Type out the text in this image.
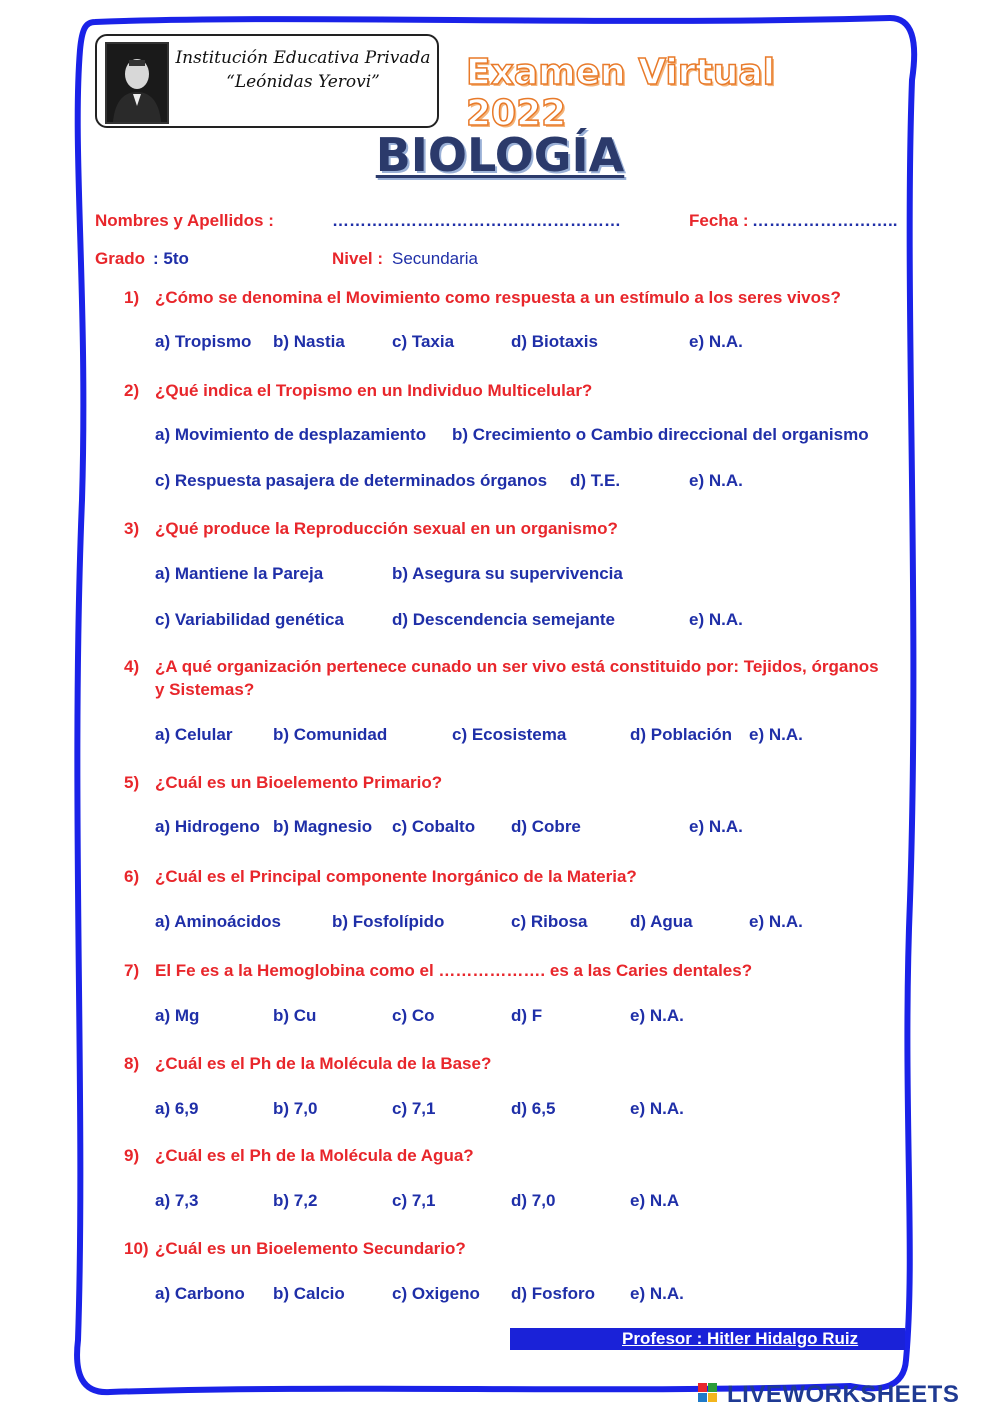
Institución Educativa Privada
“Leónidas Yerovi”	Examen Virtual 2022
BIOLOGÍA
Nombres y Apellidos :	……………………………………………	Fecha : ……………………..
Grado : 5to	Nivel : Secundaria
1) ¿Cómo se denomina el Movimiento como respuesta a un estímulo a los seres vivos?
a) Tropismo b) Nastia	c) Taxia	d) Biotaxis	e) N.A.
2) ¿Qué indica el Tropismo en un Individuo Multicelular?
a) Movimiento de desplazamiento b) Crecimiento o Cambio direccional del organismo
c) Respuesta pasajera de determinados órganos d) T.E.	e) N.A.
3) ¿Qué produce la Reproducción sexual en un organismo?
a) Mantiene la Pareja	b) Asegura su supervivencia
c) Variabilidad genética	d) Descendencia semejante	e) N.A.
4) ¿A qué organización pertenece cunado un ser vivo está constituido por: Tejidos, órganos y Sistemas?
a) Celular b) Comunidad	c) Ecosistema	d) Población e) N.A.
5) ¿Cuál es un Bioelemento Primario?
a) Hidrogeno b) Magnesio c) Cobalto d) Cobre	e) N.A.
6) ¿Cuál es el Principal componente Inorgánico de la Materia?
a) Aminoácidos	b) Fosfolípido	c) Ribosa d) Agua	e) N.A.
7) El Fe es a la Hemoglobina como el ………………. es a las Caries dentales?
a) Mg	b) Cu	c) Co	d) F	e) N.A.
8) ¿Cuál es el Ph de la Molécula de la Base?
a) 6,9	b) 7,0	c) 7,1	d) 6,5	e) N.A.
9) ¿Cuál es el Ph de la Molécula de Agua?
a) 7,3	b) 7,2	c) 7,1	d) 7,0	e) N.A
10) ¿Cuál es un Bioelemento Secundario?
a) Carbono b) Calcio	c) Oxigeno d) Fosforo e) N.A.
Profesor : Hitler Hidalgo Ruiz
LIVEWORKSHEETS
